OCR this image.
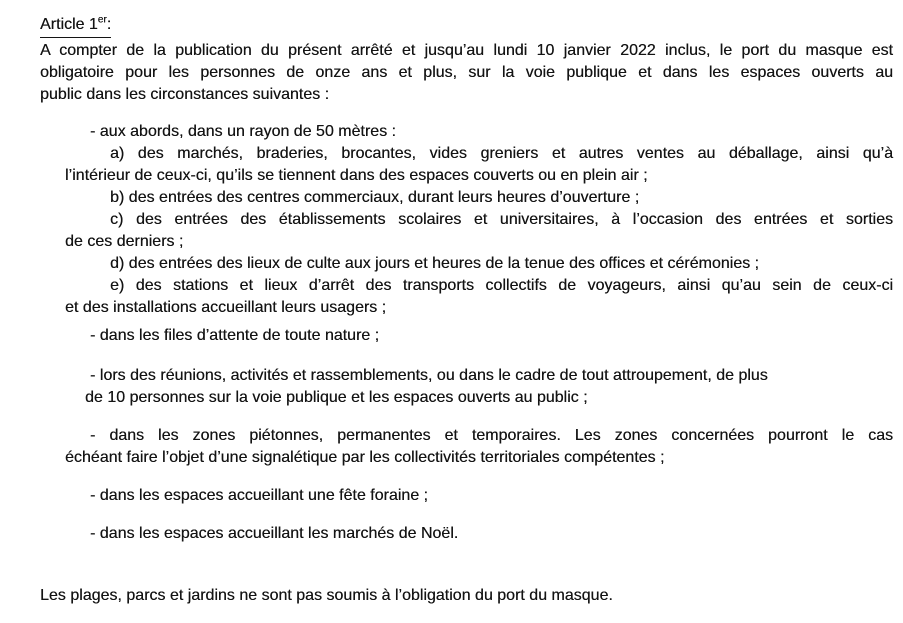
Article 1er:
A compter de la publication du présent arrêté et jusqu’au lundi 10 janvier 2022 inclus, le port du masque est
obligatoire pour les personnes de onze ans et plus, sur la voie publique et dans les espaces ouverts au
public dans les circonstances suivantes :
- aux abords, dans un rayon de 50 mètres :
a) des marchés, braderies, brocantes, vides greniers et autres ventes au déballage, ainsi qu’à
l’intérieur de ceux-ci, qu’ils se tiennent dans des espaces couverts ou en plein air ;
b) des entrées des centres commerciaux, durant leurs heures d’ouverture ;
c) des entrées des établissements scolaires et universitaires, à l’occasion des entrées et sorties
de ces derniers ;
d) des entrées des lieux de culte aux jours et heures de la tenue des offices et cérémonies ;
e) des stations et lieux d’arrêt des transports collectifs de voyageurs, ainsi qu’au sein de ceux-ci
et des installations accueillant leurs usagers ;
- dans les files d’attente de toute nature ;
- lors des réunions, activités et rassemblements, ou dans le cadre de tout attroupement, de plus
de 10 personnes sur la voie publique et les espaces ouverts au public ;
- dans les zones piétonnes, permanentes et temporaires. Les zones concernées pourront le cas
échéant faire l’objet d’une signalétique par les collectivités territoriales compétentes ;
- dans les espaces accueillant une fête foraine ;
- dans les espaces accueillant les marchés de Noël.
Les plages, parcs et jardins ne sont pas soumis à l’obligation du port du masque.
